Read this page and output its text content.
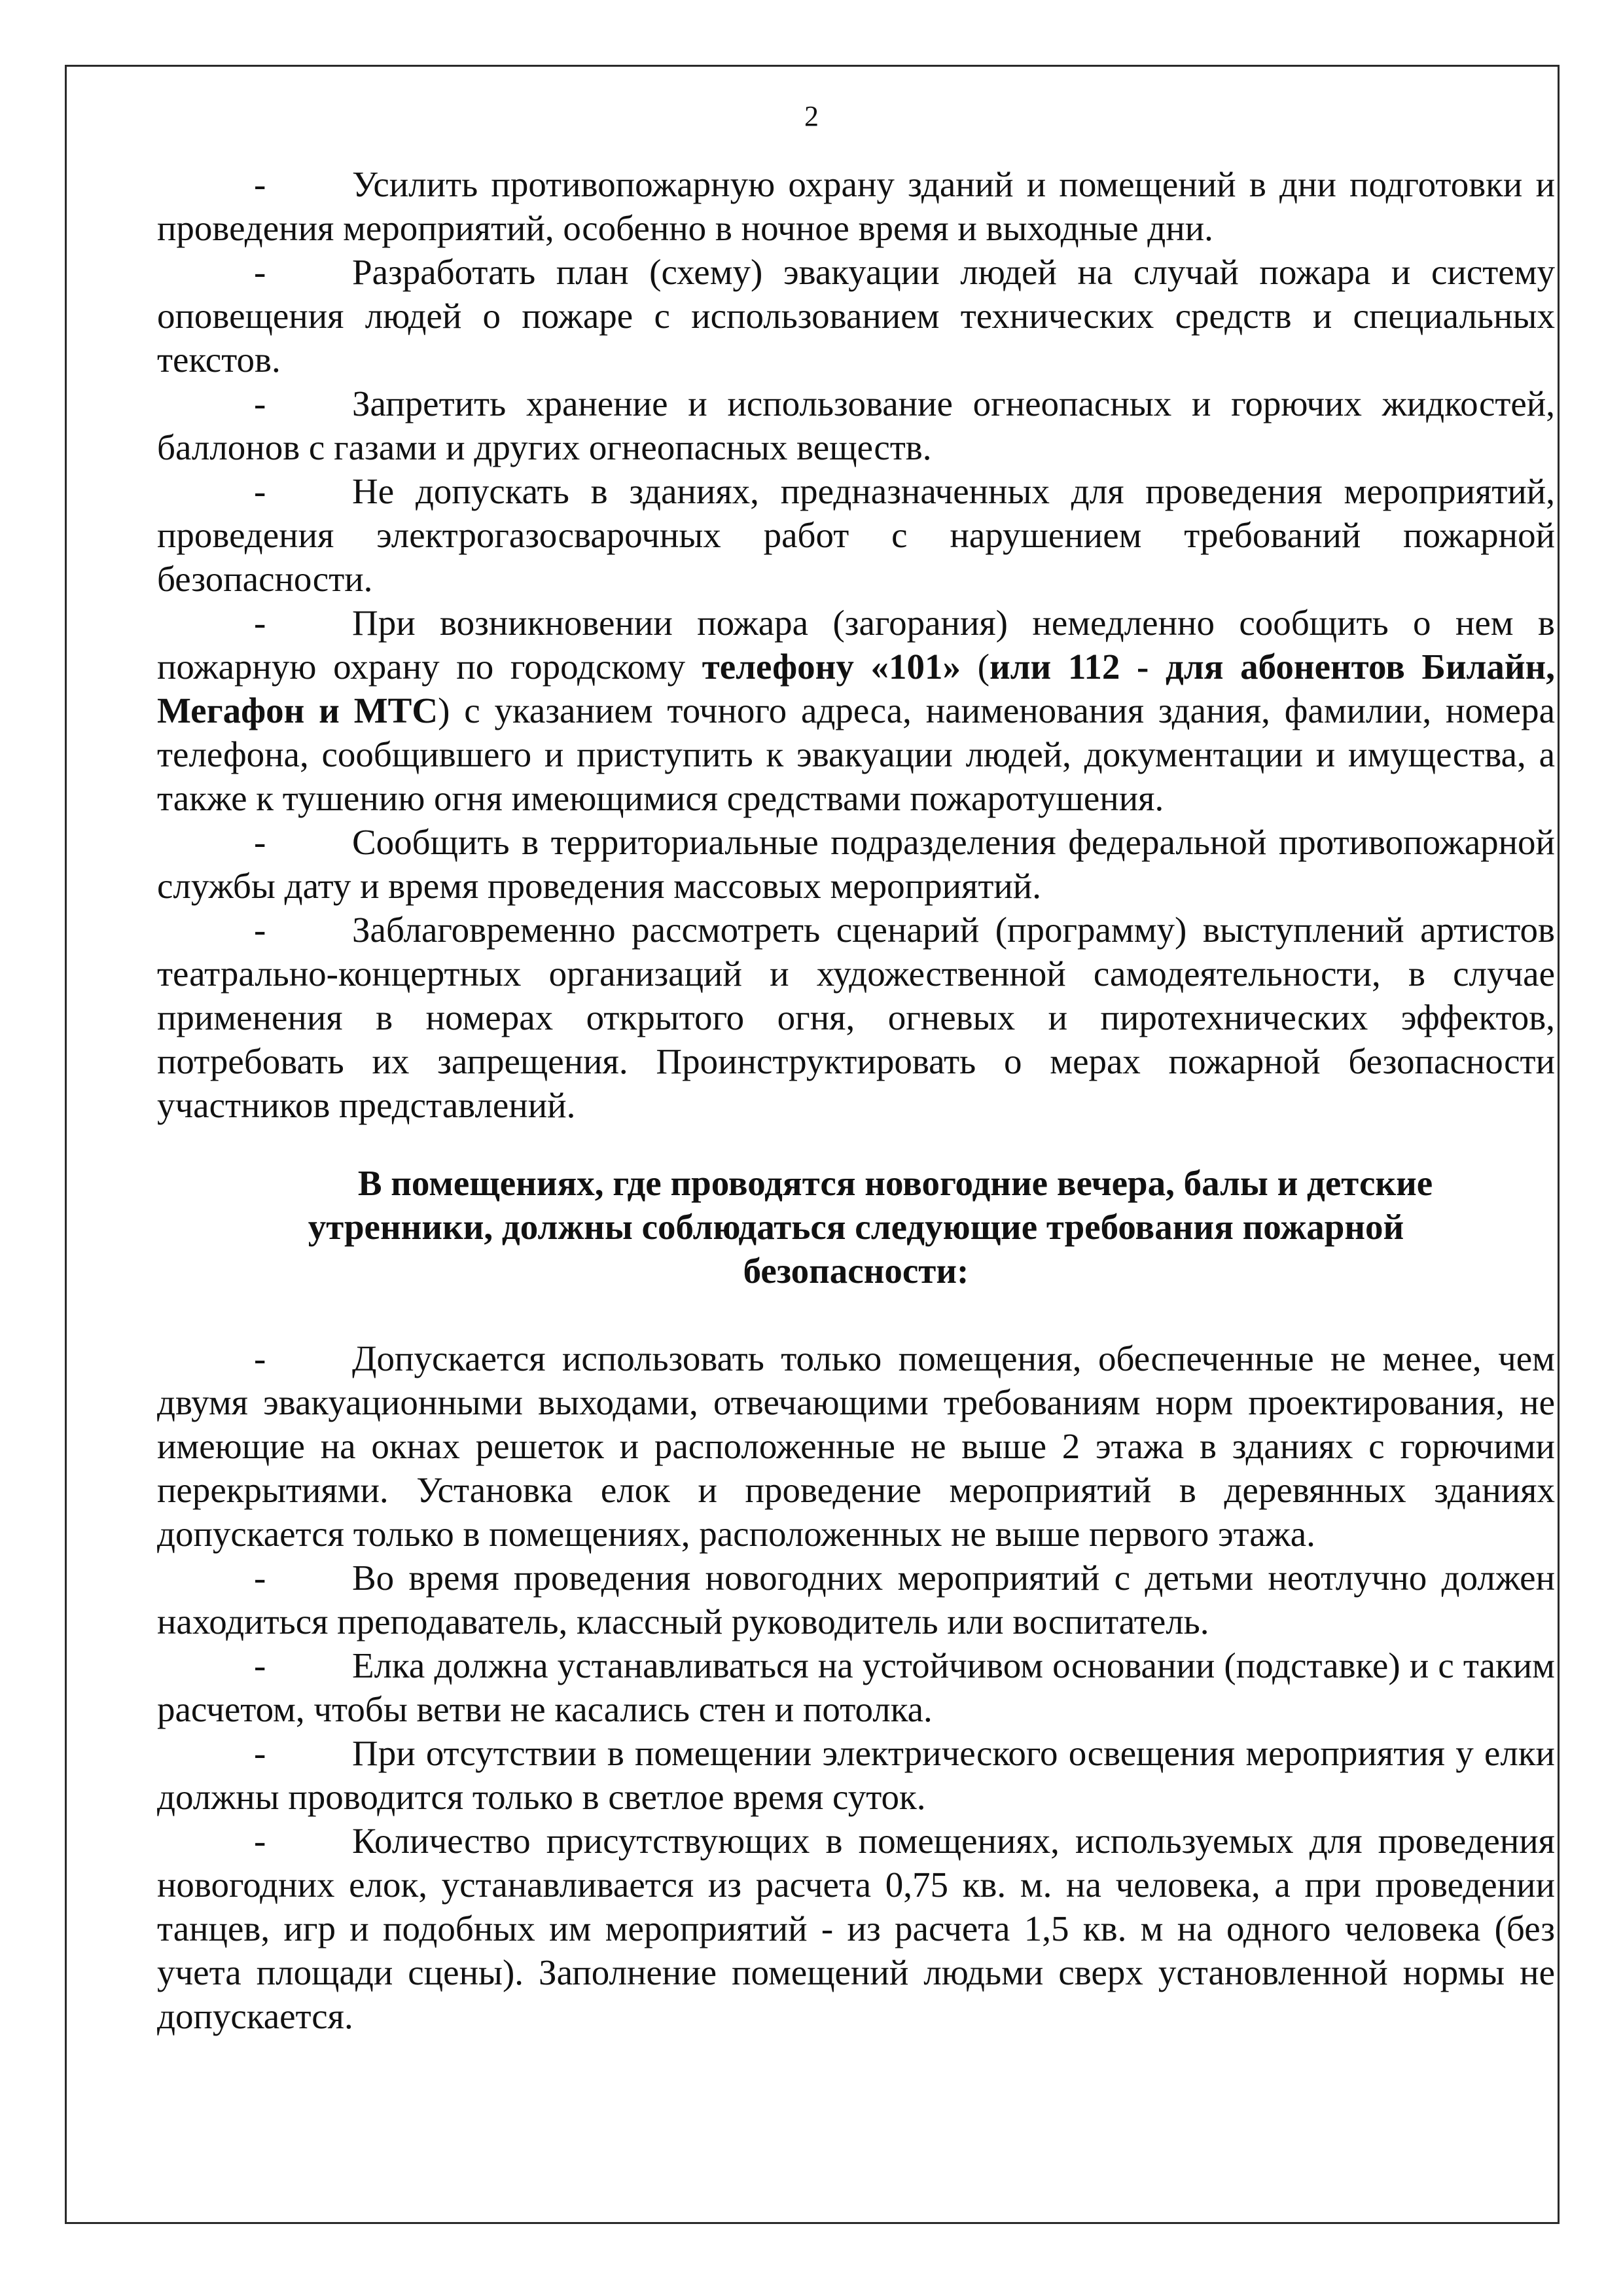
2

- Усилить противопожарную охрану зданий и помещений в дни подготовки и проведения мероприятий, особенно в ночное время и выходные дни.

- Разработать план (схему) эвакуации людей на случай пожара и систему оповещения людей о пожаре с использованием технических средств и специальных текстов.

- Запретить хранение и использование огнеопасных и горючих жидкостей, баллонов с газами и других огнеопасных веществ.

- Не допускать в зданиях, предназначенных для проведения мероприятий, проведения электрогазосварочных работ с нарушением требований пожарной безопасности.

- При возникновении пожара (загорания) немедленно сообщить о нем в пожарную охрану по городскому телефону «101» (или 112 - для абонентов Билайн, Мегафон и МТС) с указанием точного адреса, наименования здания, фамилии, номера телефона, сообщившего и приступить к эвакуации людей, документации и имущества, а также к тушению огня имеющимися средствами пожаротушения.

- Сообщить в территориальные подразделения федеральной противопожарной службы дату и время проведения массовых мероприятий.

- Заблаговременно рассмотреть сценарий (программу) выступлений артистов театрально-концертных организаций и художественной самодеятельности, в случае применения в номерах открытого огня, огневых и пиротехнических эффектов, потребовать их запрещения. Проинструктировать о мерах пожарной безопасности участников представлений.

В помещениях, где проводятся новогодние вечера, балы и детские
утренники, должны соблюдаться следующие требования пожарной
безопасности:

- Допускается использовать только помещения, обеспеченные не менее, чем двумя эвакуационными выходами, отвечающими требованиям норм проектирования, не имеющие на окнах решеток и расположенные не выше 2 этажа в зданиях с горючими перекрытиями. Установка елок и проведение мероприятий в деревянных зданиях допускается только в помещениях, расположенных не выше первого этажа.

- Во время проведения новогодних мероприятий с детьми неотлучно должен находиться преподаватель, классный руководитель или воспитатель.

- Елка должна устанавливаться на устойчивом основании (подставке) и с таким расчетом, чтобы ветви не касались стен и потолка.

- При отсутствии в помещении электрического освещения мероприятия у елки должны проводится только в светлое время суток.

- Количество присутствующих в помещениях, используемых для проведения новогодних елок, устанавливается из расчета 0,75 кв. м. на человека, а при проведении танцев, игр и подобных им мероприятий - из расчета 1,5 кв. м на одного человека (без учета площади сцены). Заполнение помещений людьми сверх установленной нормы не допускается.
